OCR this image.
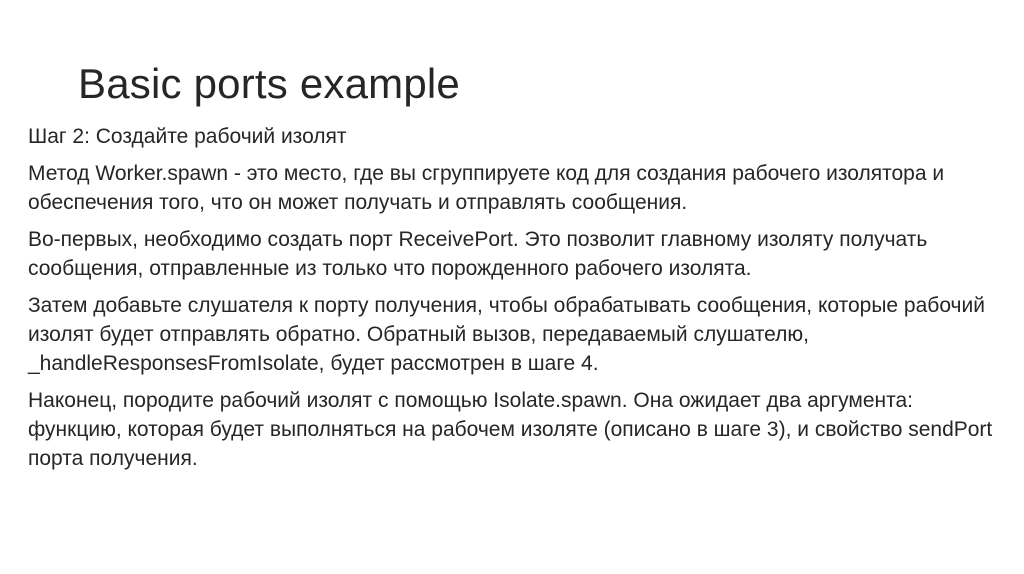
Basic ports example

Шаг 2: Создайте рабочий изолят

Метод Worker.spawn - это место, где вы сгруппируете код для создания рабочего изолятора и обеспечения того, что он может получать и отправлять сообщения.

Во-первых, необходимо создать порт ReceivePort. Это позволит главному изоляту получать сообщения, отправленные из только что порожденного рабочего изолята.

Затем добавьте слушателя к порту получения, чтобы обрабатывать сообщения, которые рабочий изолят будет отправлять обратно. Обратный вызов, передаваемый слушателю, _handleResponsesFromIsolate, будет рассмотрен в шаге 4.

Наконец, породите рабочий изолят с помощью Isolate.spawn. Она ожидает два аргумента: функцию, которая будет выполняться на рабочем изоляте (описано в шаге 3), и свойство sendPort порта получения.
